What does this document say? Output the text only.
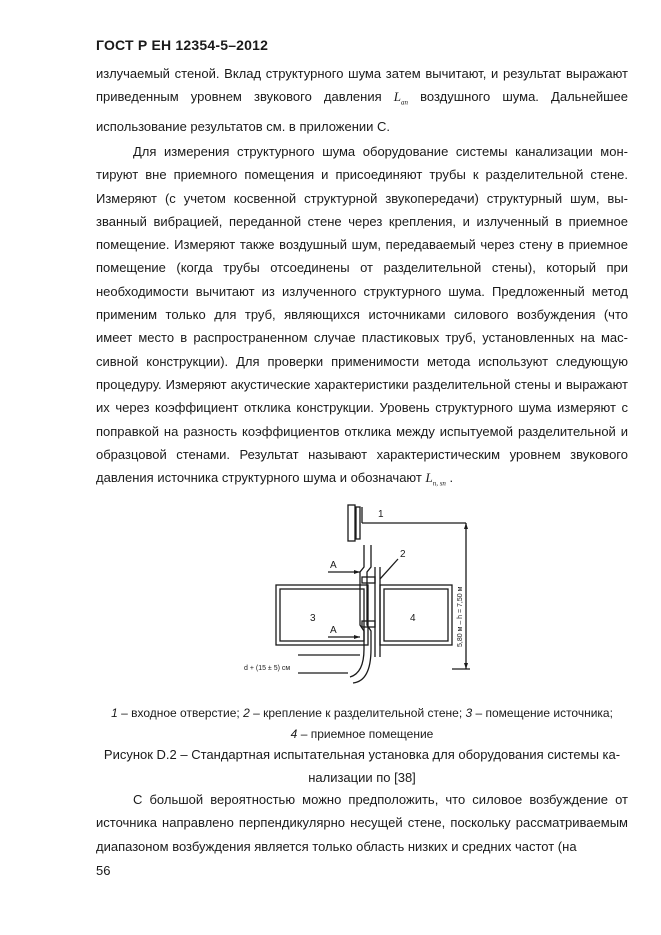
ГОСТ Р ЕН 12354-5–2012

излучаемый стеной. Вклад структурного шума затем вычитают, и результат выражают приведенным уровнем звукового давления $L_{an}$ воздушного шума. Дальнейшее использование результатов см. в приложении С.

Для измерения структурного шума оборудование системы канализации монтируют вне приемного помещения и присоединяют трубы к разделительной стене. Измеряют (с учетом косвенной структурной звукопередачи) структурный шум, вызванный вибрацией, переданной стене через крепления, и излученный в приемное помещение. Измеряют также воздушный шум, передаваемый через стену в приемное помещение (когда трубы отсоединены от разделительной стены), который при необходимости вычитают из излученного структурного шума. Предложенный метод применим только для труб, являющихся источниками силового возбуждения (что имеет место в распространенном случае пластиковых труб, установленных на массивной конструкции). Для проверки применимости метода используют следующую процедуру. Измеряют акустические характеристики разделительной стены и выражают их через коэффициент отклика конструкции. Уровень структурного шума измеряют с поправкой на разность коэффициентов отклика между испытуемой разделительной и образцовой стенами. Результат называют характеристическим уровнем звукового давления источника структурного шума и обозначают $L_{n, sn}$ .

1
2
3	4
A
A	5,80 м – h = 7,50 м
d + (15 ± 5) см
1 – входное отверстие; 2 – крепление к разделительной стене; 3 – помещение источника;
4 – приемное помещение
Рисунок D.2 – Стандартная испытательная установка для оборудования системы канализации по [38]

С большой вероятностью можно предположить, что силовое возбуждение от источника направлено перпендикулярно несущей стене, поскольку рассматриваемым диапазоном возбуждения является только область низких и средних частот (на

56
